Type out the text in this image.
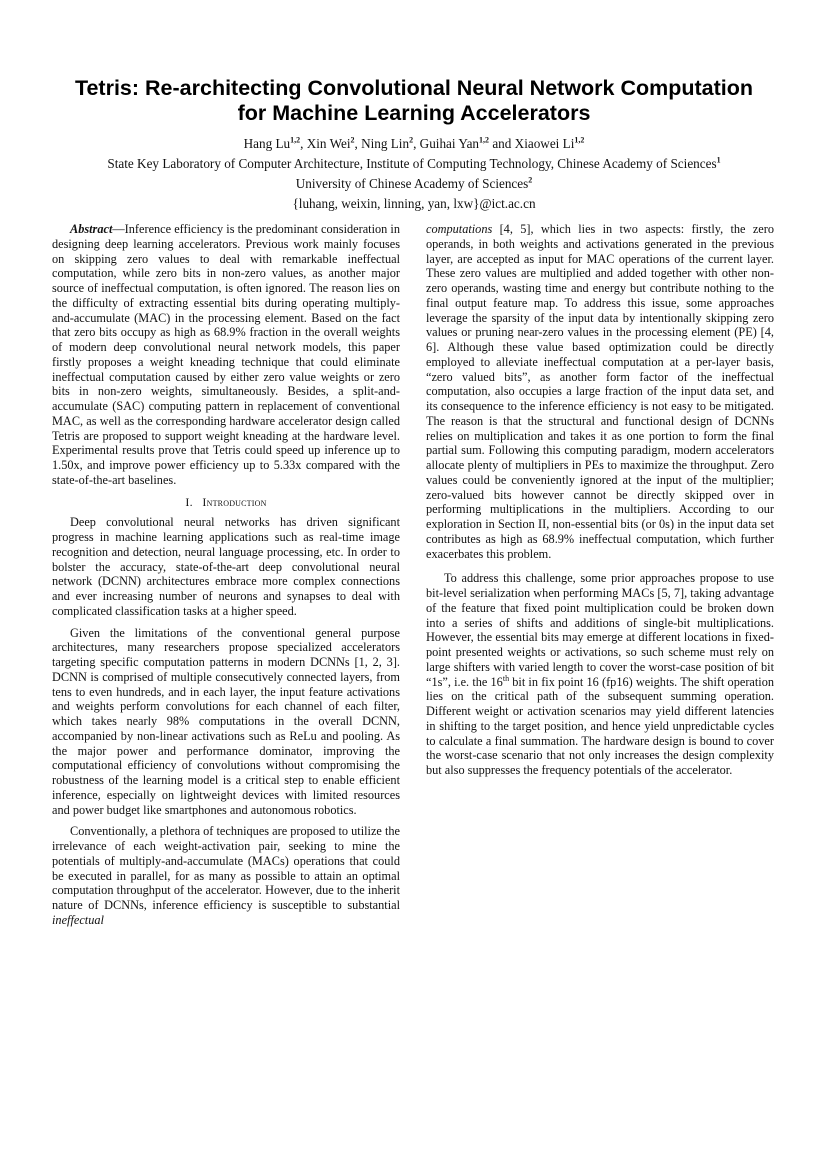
Tetris: Re-architecting Convolutional Neural Network Computation
for Machine Learning Accelerators
Hang Lu$^{1,2}$, Xin Wei$^2$, Ning Lin$^2$, Guihai Yan$^{1,2}$ and Xiaowei Li$^{1,2}$
State Key Laboratory of Computer Architecture, Institute of Computing Technology, Chinese Academy of Sciences$^1$
University of Chinese Academy of Sciences$^2$
{luhang, weixin, linning, yan, lxw}@ict.ac.cn

Abstract—Inference efficiency is the predominant consideration in designing deep learning accelerators. Previous work mainly focuses on skipping zero values to deal with remarkable ineffectual computation, while zero bits in non-zero values, as another major source of ineffectual computation, is often ignored. The reason lies on the difficulty of extracting essential bits during operating multiply-and-accumulate (MAC) in the processing element. Based on the fact that zero bits occupy as high as 68.9% fraction in the overall weights of modern deep convolutional neural network models, this paper firstly proposes a weight kneading technique that could eliminate ineffectual computation caused by either zero value weights or zero bits in non-zero weights, simultaneously. Besides, a split-and-accumulate (SAC) computing pattern in replacement of conventional MAC, as well as the corresponding hardware accelerator design called Tetris are proposed to support weight kneading at the hardware level. Experimental results prove that Tetris could speed up inference up to 1.50x, and improve power efficiency up to 5.33x compared with the state-of-the-art baselines.

I. Introduction

Deep convolutional neural networks has driven significant progress in machine learning applications such as real-time image recognition and detection, neural language processing, etc. In order to bolster the accuracy, state-of-the-art deep convolutional neural network (DCNN) architectures embrace more complex connections and ever increasing number of neurons and synapses to deal with complicated classification tasks at a higher speed.

Given the limitations of the conventional general purpose architectures, many researchers propose specialized accelerators targeting specific computation patterns in modern DCNNs [1, 2, 3]. DCNN is comprised of multiple consecutively connected layers, from tens to even hundreds, and in each layer, the input feature activations and weights perform convolutions for each channel of each filter, which takes nearly 98% computations in the overall DCNN, accompanied by non-linear activations such as ReLu and pooling. As the major power and performance dominator, improving the computational efficiency of convolutions without compromising the robustness of the learning model is a critical step to enable efficient inference, especially on lightweight devices with limited resources and power budget like smartphones and autonomous robotics.

Conventionally, a plethora of techniques are proposed to utilize the irrelevance of each weight-activation pair, seeking to mine the potentials of multiply-and-accumulate (MACs) operations that could be executed in parallel, for as many as possible to attain an optimal computation throughput of the accelerator. However, due to the inherit nature of DCNNs, inference efficiency is susceptible to substantial ineffectual

computations [4, 5], which lies in two aspects: firstly, the zero operands, in both weights and activations generated in the previous layer, are accepted as input for MAC operations of the current layer. These zero values are multiplied and added together with other non-zero operands, wasting time and energy but contribute nothing to the final output feature map. To address this issue, some approaches leverage the sparsity of the input data by intentionally skipping zero values or pruning near-zero values in the processing element (PE) [4, 6]. Although these value based optimization could be directly employed to alleviate ineffectual computation at a per-layer basis, “zero valued bits”, as another form factor of the ineffectual computation, also occupies a large fraction of the input data set, and its consequence to the inference efficiency is not easy to be mitigated. The reason is that the structural and functional design of DCNNs relies on multiplication and takes it as one portion to form the final partial sum. Following this computing paradigm, modern accelerators allocate plenty of multipliers in PEs to maximize the throughput. Zero values could be conveniently ignored at the input of the multiplier; zero-valued bits however cannot be directly skipped over in performing multiplications in the multipliers. According to our exploration in Section II, non-essential bits (or 0s) in the input data set contributes as high as 68.9% ineffectual computation, which further exacerbates this problem.

To address this challenge, some prior approaches propose to use bit-level serialization when performing MACs [5, 7], taking advantage of the feature that fixed point multiplication could be broken down into a series of shifts and additions of single-bit multiplications. However, the essential bits may emerge at different locations in fixed-point presented weights or activations, so such scheme must rely on large shifters with varied length to cover the worst-case position of bit “1s”, i.e. the 16th bit in fix point 16 (fp16) weights. The shift operation lies on the critical path of the subsequent summing operation. Different weight or activation scenarios may yield different latencies in shifting to the target position, and hence yield unpredictable cycles to calculate a final summation. The hardware design is bound to cover the worst-case scenario that not only increases the design complexity but also suppresses the frequency potentials of the accelerator.
